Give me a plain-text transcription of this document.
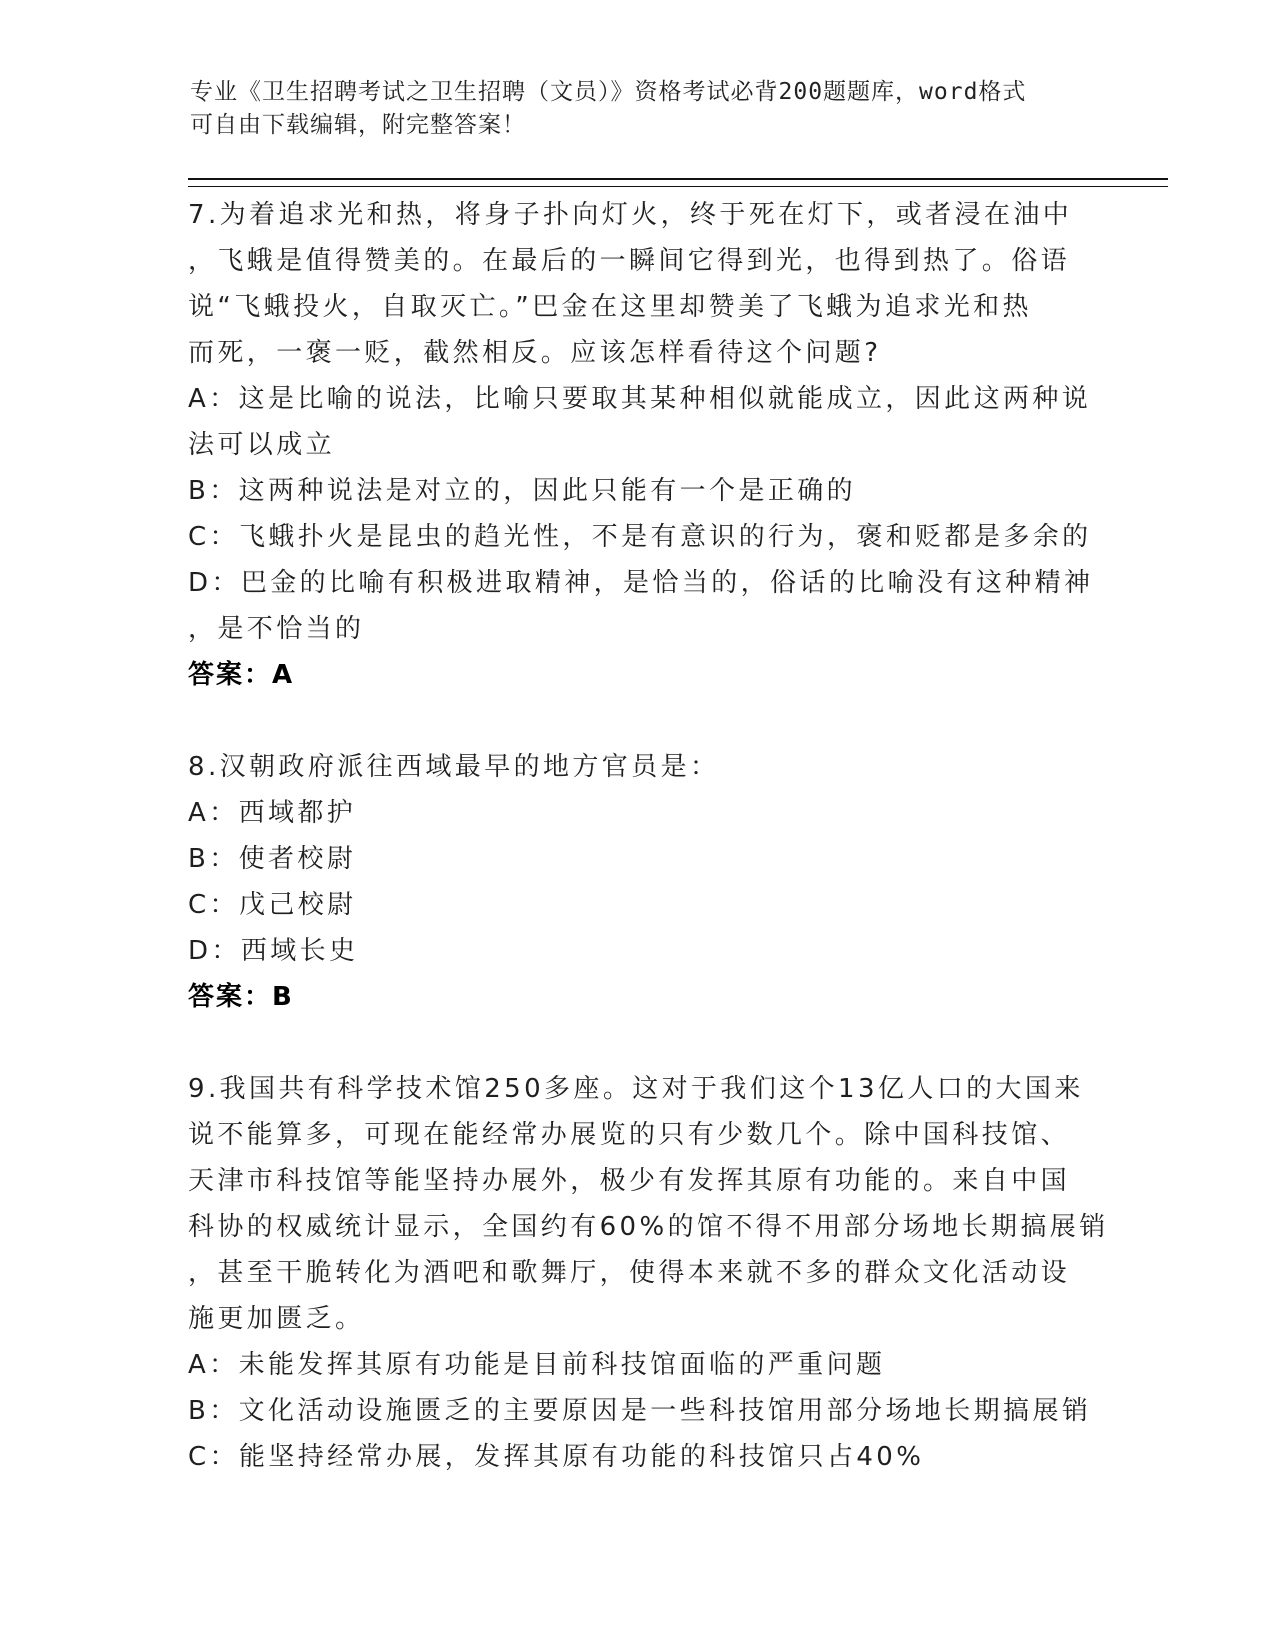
专业《卫生招聘考试之卫生招聘（文员）》资格考试必背200题题库，word格式
可自由下载编辑，附完整答案！
7.为着追求光和热，将身子扑向灯火，终于死在灯下，或者浸在油中
，飞蛾是值得赞美的。在最后的一瞬间它得到光，也得到热了。俗语
说“飞蛾投火，自取灭亡。”巴金在这里却赞美了飞蛾为追求光和热
而死，一褒一贬，截然相反。应该怎样看待这个问题?
A：这是比喻的说法，比喻只要取其某种相似就能成立，因此这两种说
法可以成立
B：这两种说法是对立的，因此只能有一个是正确的
C：飞蛾扑火是昆虫的趋光性，不是有意识的行为，褒和贬都是多余的
D：巴金的比喻有积极进取精神，是恰当的，俗话的比喻没有这种精神
，是不恰当的
答案：A
8.汉朝政府派往西域最早的地方官员是：
A：西域都护
B：使者校尉
C：戊己校尉
D：西域长史
答案：B
9.我国共有科学技术馆250多座。这对于我们这个13亿人口的大国来
说不能算多，可现在能经常办展览的只有少数几个。除中国科技馆、
天津市科技馆等能坚持办展外，极少有发挥其原有功能的。来自中国
科协的权威统计显示，全国约有60%的馆不得不用部分场地长期搞展销
，甚至干脆转化为酒吧和歌舞厅，使得本来就不多的群众文化活动设
施更加匮乏。
A：未能发挥其原有功能是目前科技馆面临的严重问题
B：文化活动设施匮乏的主要原因是一些科技馆用部分场地长期搞展销
C：能坚持经常办展，发挥其原有功能的科技馆只占40%
